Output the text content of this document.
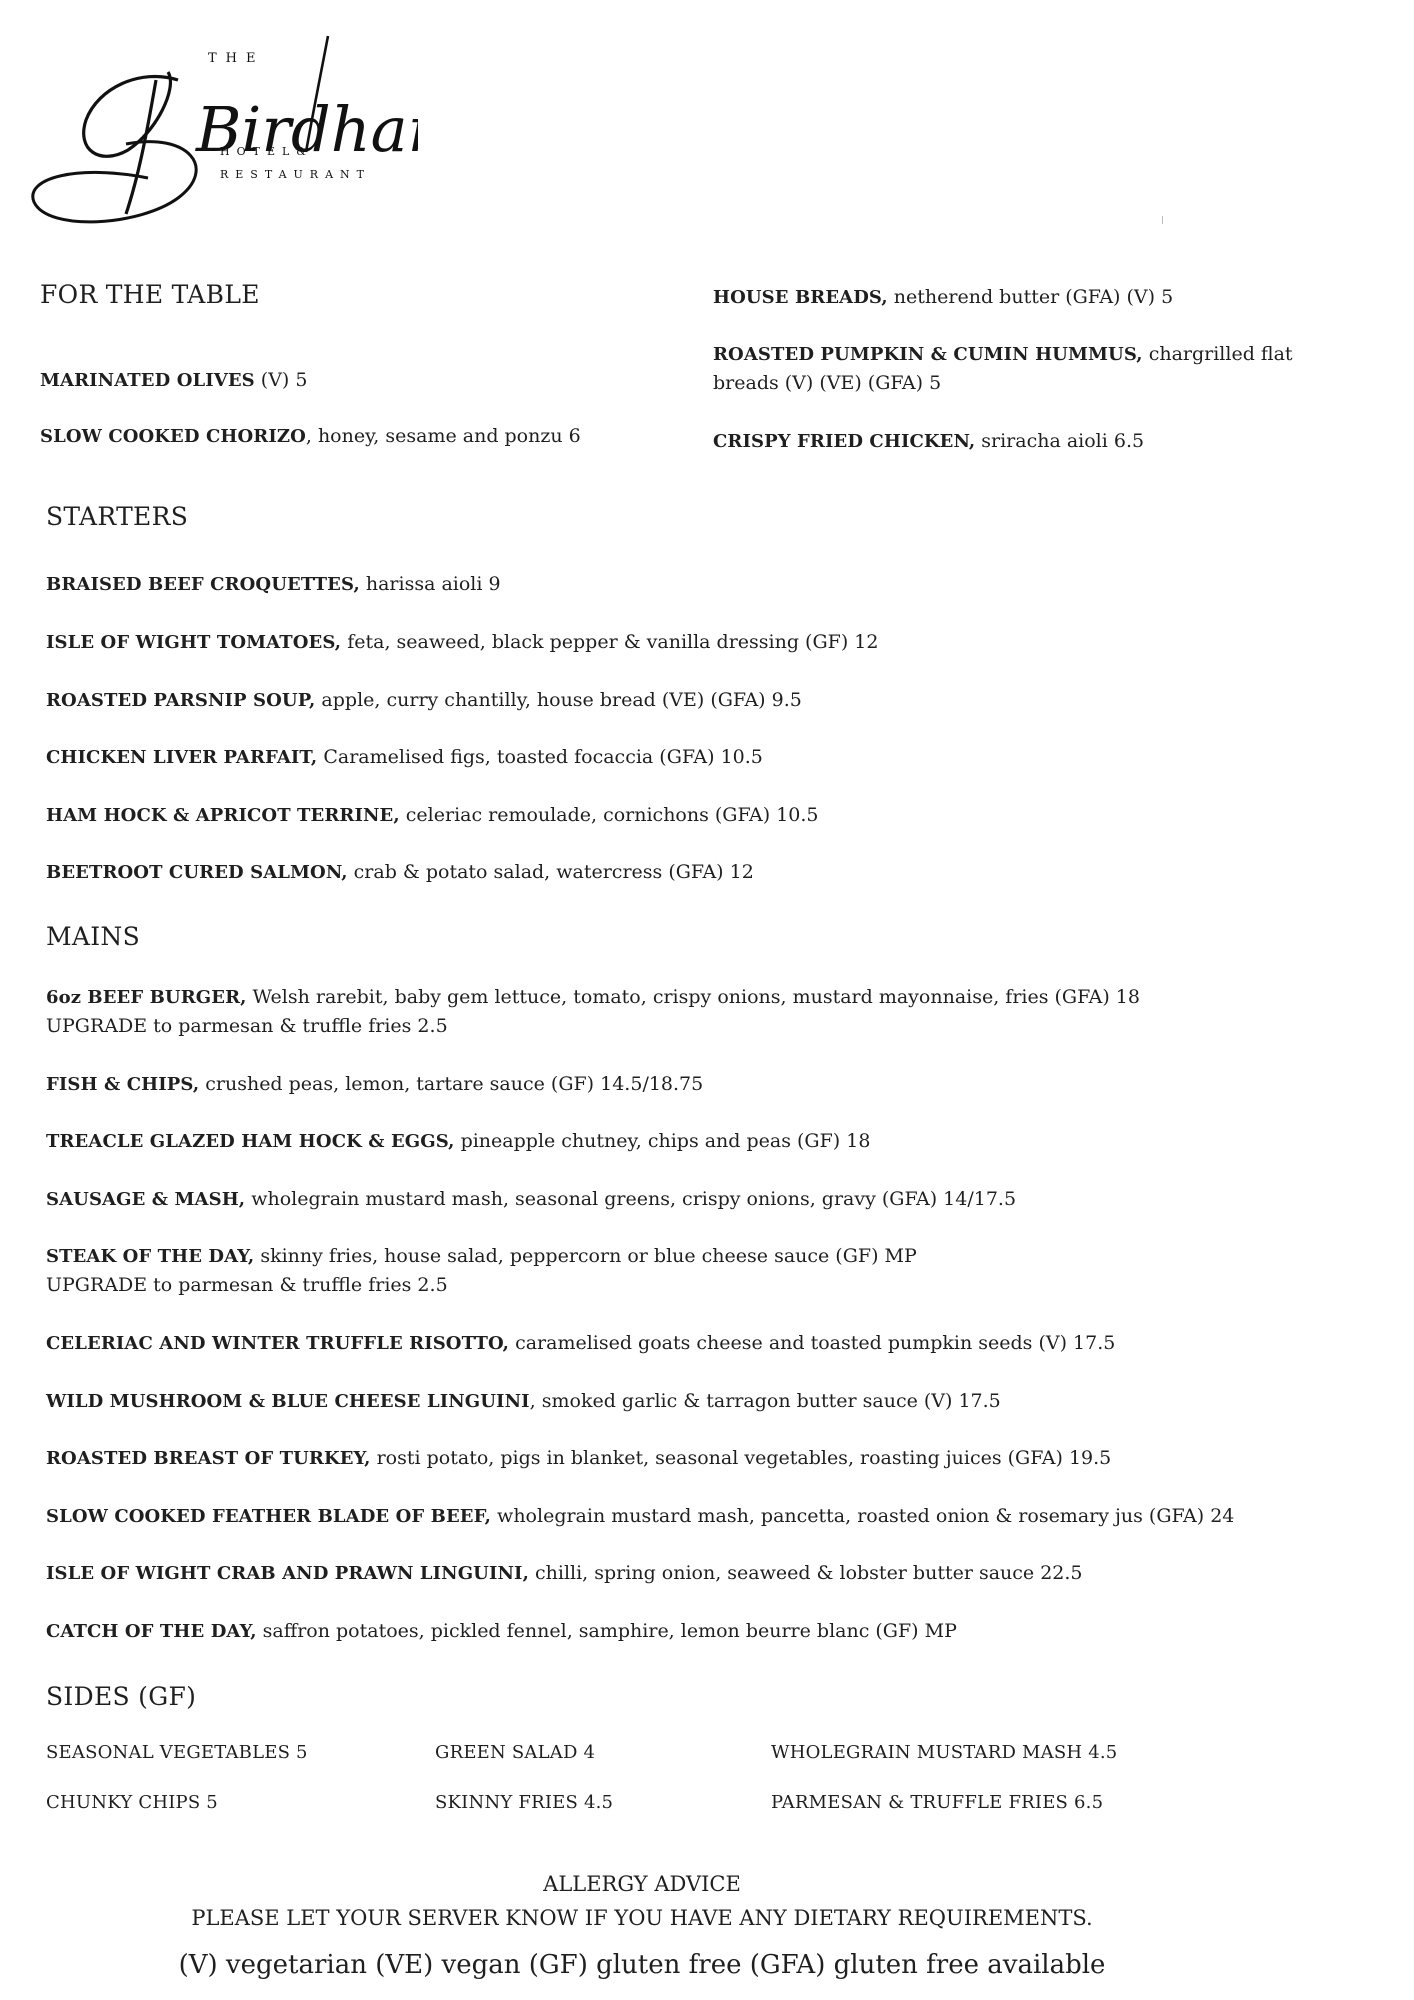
Birdha
THE
HOTEL&
RESTAURANT
FOR THE TABLE
MARINATED OLIVES (V) 5
SLOW COOKED CHORIZO, honey, sesame and ponzu 6
HOUSE BREADS, netherend butter (GFA) (V) 5
ROASTED PUMPKIN & CUMIN HUMMUS, chargrilled flat
breads (V) (VE) (GFA) 5
CRISPY FRIED CHICKEN, sriracha aioli 6.5
STARTERS
BRAISED BEEF CROQUETTES, harissa aioli 9
ISLE OF WIGHT TOMATOES, feta, seaweed, black pepper & vanilla dressing (GF) 12
ROASTED PARSNIP SOUP, apple, curry chantilly, house bread (VE) (GFA) 9.5
CHICKEN LIVER PARFAIT, Caramelised figs, toasted focaccia (GFA) 10.5
HAM HOCK & APRICOT TERRINE, celeriac remoulade, cornichons (GFA) 10.5
BEETROOT CURED SALMON, crab & potato salad, watercress (GFA) 12
MAINS
6oz BEEF BURGER, Welsh rarebit, baby gem lettuce, tomato, crispy onions, mustard mayonnaise, fries (GFA) 18
UPGRADE to parmesan & truffle fries 2.5
FISH & CHIPS, crushed peas, lemon, tartare sauce (GF) 14.5/18.75
TREACLE GLAZED HAM HOCK & EGGS, pineapple chutney, chips and peas (GF) 18
SAUSAGE & MASH, wholegrain mustard mash, seasonal greens, crispy onions, gravy (GFA) 14/17.5
STEAK OF THE DAY, skinny fries, house salad, peppercorn or blue cheese sauce (GF) MP
UPGRADE to parmesan & truffle fries 2.5
CELERIAC AND WINTER TRUFFLE RISOTTO, caramelised goats cheese and toasted pumpkin seeds (V) 17.5
WILD MUSHROOM & BLUE CHEESE LINGUINI, smoked garlic & tarragon butter sauce (V) 17.5
ROASTED BREAST OF TURKEY, rosti potato, pigs in blanket, seasonal vegetables, roasting juices (GFA) 19.5
SLOW COOKED FEATHER BLADE OF BEEF, wholegrain mustard mash, pancetta, roasted onion & rosemary jus (GFA) 24
ISLE OF WIGHT CRAB AND PRAWN LINGUINI, chilli, spring onion, seaweed & lobster butter sauce 22.5
CATCH OF THE DAY, saffron potatoes, pickled fennel, samphire, lemon beurre blanc (GF) MP
SIDES (GF)
SEASONAL VEGETABLES 5	GREEN SALAD 4	WHOLEGRAIN MUSTARD MASH 4.5
CHUNKY CHIPS 5	SKINNY FRIES 4.5	PARMESAN & TRUFFLE FRIES 6.5
ALLERGY ADVICE
PLEASE LET YOUR SERVER KNOW IF YOU HAVE ANY DIETARY REQUIREMENTS.
(V) vegetarian (VE) vegan (GF) gluten free (GFA) gluten free available
